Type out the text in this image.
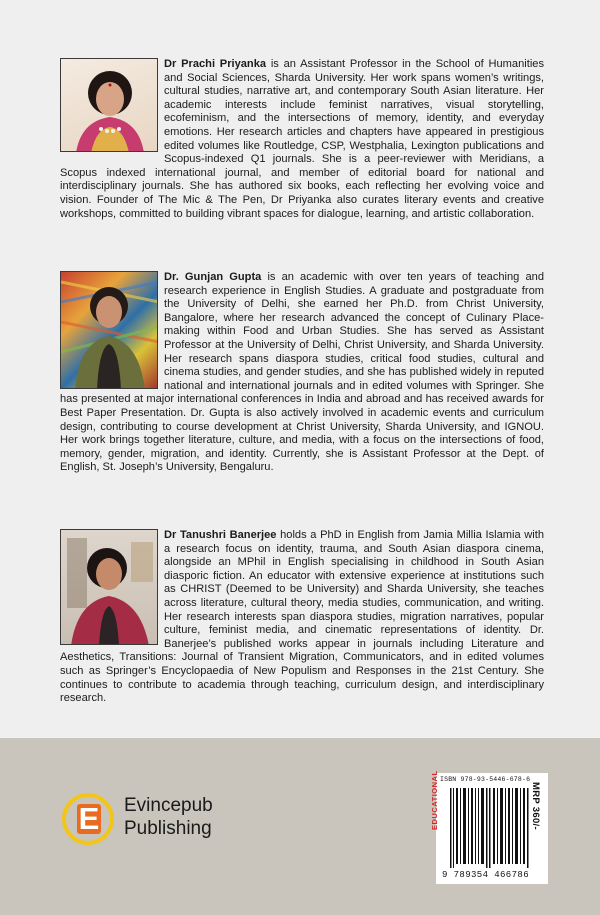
Dr Prachi Priyanka is an Assistant Professor in the School of Humanities and Social Sciences, Sharda University. Her work spans women’s writings, cultural studies, narrative art, and contemporary South Asian literature. Her academic interests include feminist narratives, visual storytelling, ecofeminism, and the intersections of memory, identity, and everyday emotions. Her research articles and chapters have appeared in prestigious edited volumes like Routledge, CSP, Westphalia, Lexington publications and Scopus-indexed Q1 journals. She is a peer-reviewer with Meridians, a Scopus indexed international journal, and member of editorial board for national and interdisciplinary journals. She has authored six books, each reflecting her evolving voice and vision. Founder of The Mic & The Pen, Dr Priyanka also curates literary events and creative workshops, committed to building vibrant spaces for dialogue, learning, and artistic collaboration.

Dr. Gunjan Gupta is an academic with over ten years of teaching and research experience in English Studies. A graduate and postgraduate from the University of Delhi, she earned her Ph.D. from Christ University, Bangalore, where her research advanced the concept of Culinary Place-making within Food and Urban Studies. She has served as Assistant Professor at the University of Delhi, Christ University, and Sharda University. Her research spans diaspora studies, critical food studies, cultural and cinema studies, and gender studies, and she has published widely in reputed national and international journals and in edited volumes with Springer. She has presented at major international conferences in India and abroad and has received awards for Best Paper Presentation. Dr. Gupta is also actively involved in academic events and curriculum design, contributing to course development at Christ University, Sharda University, and IGNOU. Her work brings together literature, culture, and media, with a focus on the intersections of food, memory, gender, migration, and identity. Currently, she is Assistant Professor at the Dept. of English, St. Joseph’s University, Bengaluru.

Dr Tanushri Banerjee holds a PhD in English from Jamia Millia Islamia with a research focus on identity, trauma, and South Asian diaspora cinema, alongside an MPhil in English specialising in childhood in South Asian diasporic fiction. An educator with extensive experience at institutions such as CHRIST (Deemed to be University) and Sharda University, she teaches across literature, cultural theory, media studies, communication, and writing. Her research interests span diaspora studies, migration narratives, popular culture, feminist media, and cinematic representations of identity. Dr. Banerjee’s published works appear in journals including Literature and Aesthetics, Transitions: Journal of Transient Migration, Communicators, and in edited volumes such as Springer’s Encyclopaedia of New Populism and Responses in the 21st Century. She continues to contribute to academia through teaching, curriculum design, and interdisciplinary research.

E Evincepub
Publishing
ISBN 978-93-5446-678-6
EDUCATIONAL
9 789354 466786
MRP 360/-
